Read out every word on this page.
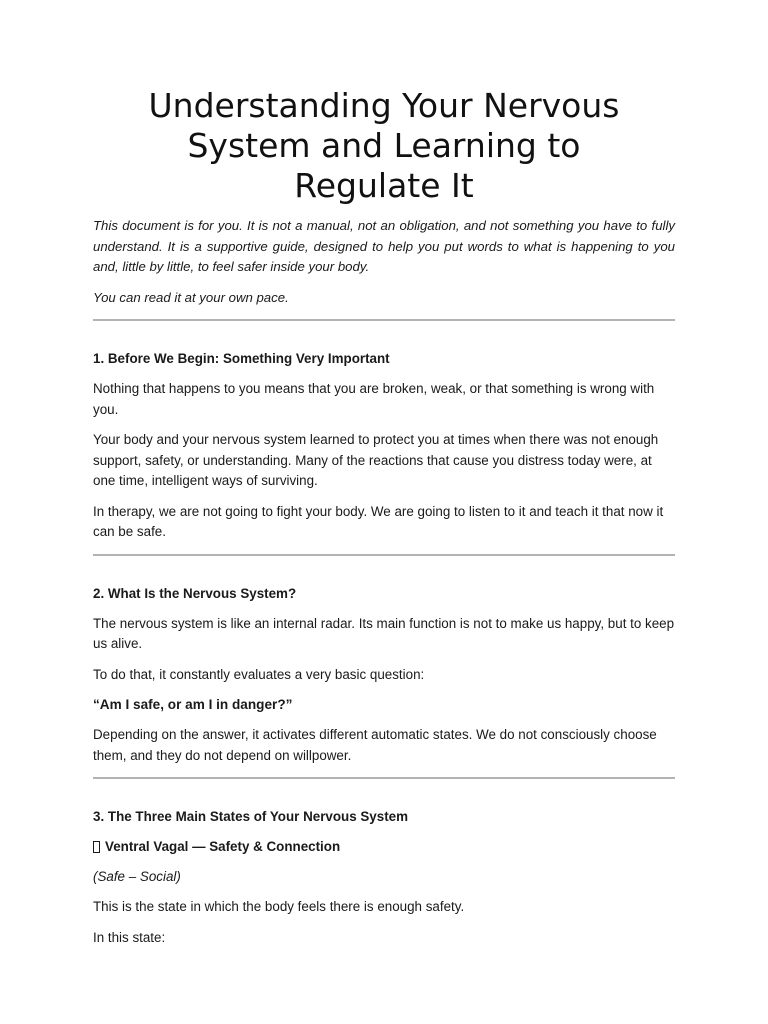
Understanding Your Nervous System and Learning to Regulate It

This document is for you. It is not a manual, not an obligation, and not something you have to fully understand. It is a supportive guide, designed to help you put words to what is happening to you and, little by little, to feel safer inside your body.

You can read it at your own pace.

1. Before We Begin: Something Very Important

Nothing that happens to you means that you are broken, weak, or that something is wrong with you.

Your body and your nervous system learned to protect you at times when there was not enough support, safety, or understanding. Many of the reactions that cause you distress today were, at one time, intelligent ways of surviving.

In therapy, we are not going to fight your body. We are going to listen to it and teach it that now it can be safe.

2. What Is the Nervous System?

The nervous system is like an internal radar. Its main function is not to make us happy, but to keep us alive.

To do that, it constantly evaluates a very basic question:

“Am I safe, or am I in danger?”

Depending on the answer, it activates different automatic states. We do not consciously choose them, and they do not depend on willpower.

3. The Three Main States of Your Nervous System
Ventral Vagal — Safety & Connection

(Safe – Social)

This is the state in which the body feels there is enough safety.

In this state:
